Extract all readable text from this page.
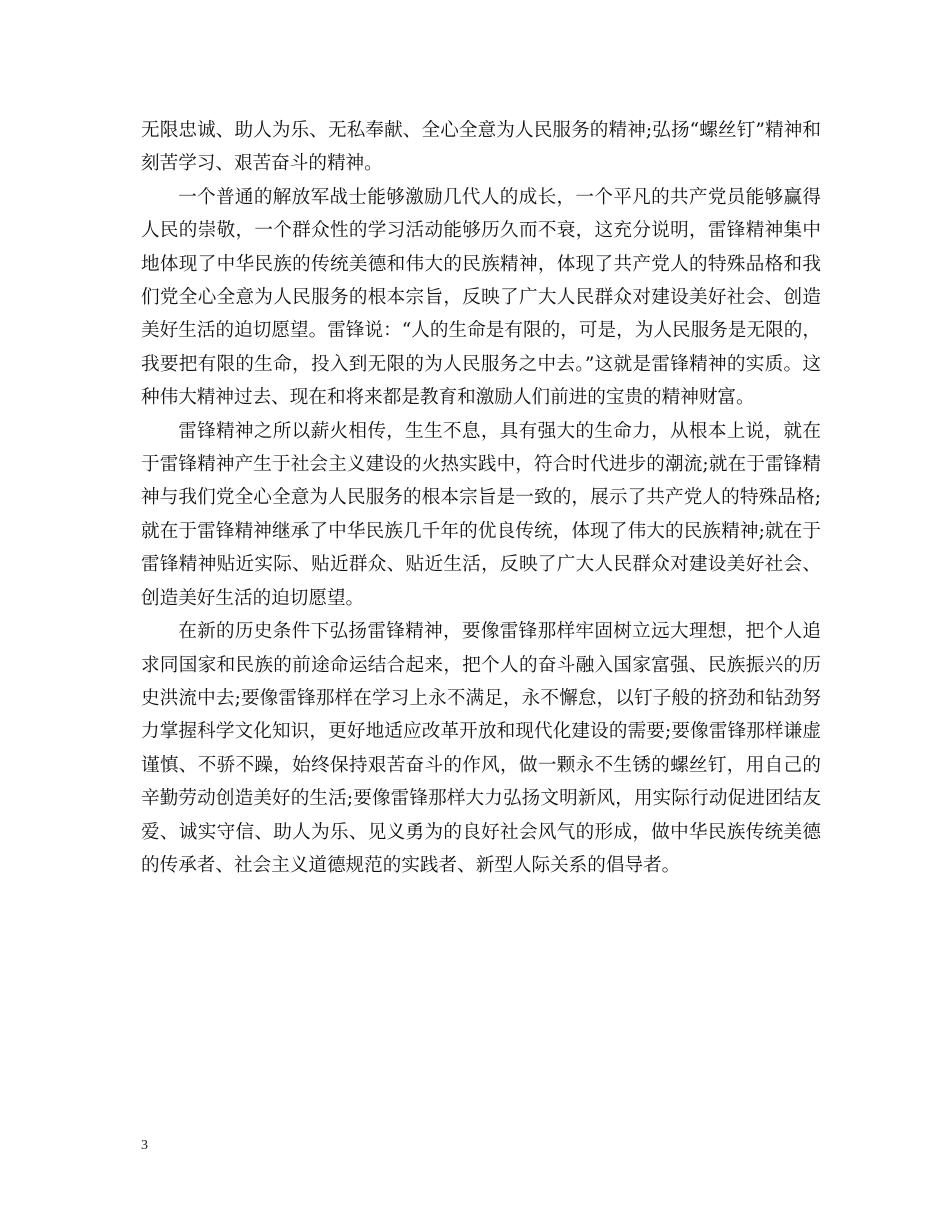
无限忠诚、助人为乐、无私奉献、全心全意为人民服务的精神;弘扬“螺丝钉”精神和刻苦学习、艰苦奋斗的精神。

一个普通的解放军战士能够激励几代人的成长，一个平凡的共产党员能够赢得人民的崇敬，一个群众性的学习活动能够历久而不衰，这充分说明，雷锋精神集中地体现了中华民族的传统美德和伟大的民族精神，体现了共产党人的特殊品格和我们党全心全意为人民服务的根本宗旨，反映了广大人民群众对建设美好社会、创造美好生活的迫切愿望。雷锋说：“人的生命是有限的，可是，为人民服务是无限的，我要把有限的生命，投入到无限的为人民服务之中去。”这就是雷锋精神的实质。这种伟大精神过去、现在和将来都是教育和激励人们前进的宝贵的精神财富。

雷锋精神之所以薪火相传，生生不息，具有强大的生命力，从根本上说，就在于雷锋精神产生于社会主义建设的火热实践中，符合时代进步的潮流;就在于雷锋精神与我们党全心全意为人民服务的根本宗旨是一致的，展示了共产党人的特殊品格;就在于雷锋精神继承了中华民族几千年的优良传统，体现了伟大的民族精神;就在于雷锋精神贴近实际、贴近群众、贴近生活，反映了广大人民群众对建设美好社会、创造美好生活的迫切愿望。

在新的历史条件下弘扬雷锋精神，要像雷锋那样牢固树立远大理想，把个人追求同国家和民族的前途命运结合起来，把个人的奋斗融入国家富强、民族振兴的历史洪流中去;要像雷锋那样在学习上永不满足，永不懈怠，以钉子般的挤劲和钻劲努力掌握科学文化知识，更好地适应改革开放和现代化建设的需要;要像雷锋那样谦虚谨慎、不骄不躁，始终保持艰苦奋斗的作风，做一颗永不生锈的螺丝钉，用自己的辛勤劳动创造美好的生活;要像雷锋那样大力弘扬文明新风，用实际行动促进团结友爱、诚实守信、助人为乐、见义勇为的良好社会风气的形成，做中华民族传统美德的传承者、社会主义道德规范的实践者、新型人际关系的倡导者。

3
